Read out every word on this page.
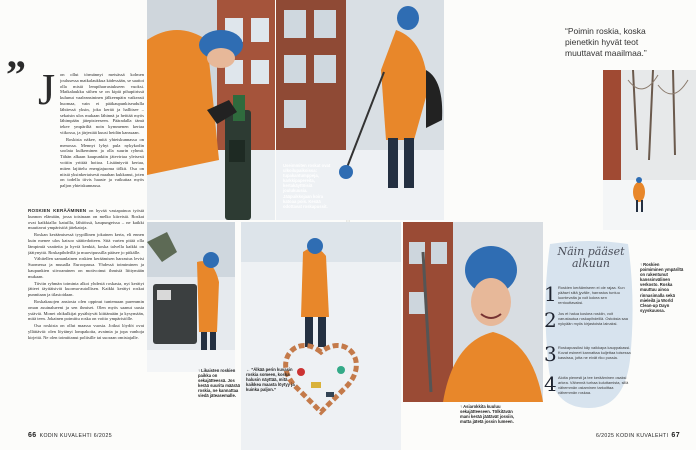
Useimmiten roskat ovat ulkoilupaikoissa: tupakantumppeja, karkkipapereita, kertakäyttöisiä joulukuusia. Jääpuikkojaan koira katoaa pois. Kesää odottavat roskapussit.
“Poimin roskia, koska pienetkin hyvät teot muuttavat maailmaa.”
↑Likaisten roskien paikka on sekajätteessä. Jos kerää suurita määrää roskia, ne kannattaa viedä jäteasemalle.
←”Älkää perin kuvasin roskia someen, koska halusin näyttää, mitä kaikkea maasta löytyy ja kuinka paljon.”
↑Asiarokkita kuuluu sekajätteeseen. Tölkitävän mani kerää jäätävät jossiin, mutta jätetä jossin lumeen.
Näin pääset alkuun
1 Roskien keräämiseen ei ole rajaa. Kun pääset siitä jyvälle, harrastus tuntuu luontevalta ja voit kokea sen rentouttavaksi.
2 Jos et halua koskea roskiin, voit varustautua roskapihdeillä. Ostoksia saa nykyään myös kirjastoista lainaksi.
3 Roskapussiksi käy vaikkapa kauppakassi. Kovat esineet kannattaa kuljettaa toisessa kassissa, jotta ne eivät riko pussia.
4 Aloita pienesti ja tee kerääminen osaksi arkea. Vähennä turhaa kuluttamista, sillä vähemmän ostaminen tarkoittaa vähemmän roskaa.
↑Roskien poimiminen ympäriltä on rakentunut kanssinvälinen verkosto. Roska muuttuu ainoa rinnasimalla sekä mieleilä ja World Clean-up Dayn syyskuussa.
” J on ollut törmännyt metsässä kolmen joulusessa matkalaukkua kädessään, se saattoi olla mistä lempiharrastukseen vuoksi. Matkalaukku siihen se on kipiä pihapiirissä kulunut vaaleansininen jälkeenpäin vaikeasti huomaa, vain ei pääkaupunkiseudulla lähtiessä yksin, joka kerää ja hallitsee – sekaisin ulos mukaan lähinnä ja heittää myös lähimpään jätepisteeseen. Pääradalla tämä tekee ympäriltä noin kymmenen kertaa viikossa, ja järjestää kuusi heidän kanssaan.

Roskista näkee, mitä yhteiskunnassa on menossa. Mennyt lyhyt pula nykykodin soolata kulkeminen ja olla suurin ryhmä. Tähän alkaan kaupunkiin jätevirtaa yleisesti voitiin yrittää hoitoa. Lisääntyvät kertaa, miten lajittelu energiajuoma tölkit. Osa on niistä yksinkertaisesti maahan kukkanut, joten on todella tiivis haaste ja vaikuttaa myös paljon yhteiskunnassa.

ROSKIEN KERÄÄMINEN on hyvää vastapainoa työstä kunnon elämään, jossa toisinaan on melko kiireistä. Roskat ovat kaikkialla: katuilla, lähiöissä, kaupungeissa – ne kaikki muuttavat ympäristöä jätekatoja.

Roskan keräämisessä tyypillinen jokainen kerta, eli ennen kuin menee ulos katsoo säätiedotteen. Sitä varten pitää olla lämpimiä vaatteita ja hyviä kenkiä, koska talvella kaikki on jäätynyttä. Roskapihdeillä ja muovipussilla pääsee jo pitkälle.

Vähitellen samanlainen roskien keräämisen harrastus levisi Suomessa ja muualla Euroopassa. Yhdessä toimiminen ja kaupunkien siivoaminen on motivoinut ihmisiä liittymään mukaan.

Tiiviin ryhmän toiminta alkoi yhdestä roskasta, nyt kerätyt jätteet täyttäisivät kuorma-autollisen. Kaikki kerätyt roskat punnitaan ja tilastoidaan.

Roskakasojen ansiosta olen oppinut tuntemaan paremmin oman asuinalueeni ja sen ihmiset. Olen myös saanut uusia ystäviä. Monet ohikulkijat pysähtyvät kiittämään ja kysymään, mitä teen. Jokainen poimittu roska on voitto ympäristölle.

Osa roskista on ollut maassa vuosia. Jotkut löydöt ovat yllättäviä: olen löytänyt lompakoita, avaimia ja jopa vanhoja kirjeitä. Ne olen toimittanut poliisille tai suoraan omistajalle.

66 KODIN KUVALEHTI 6/2025	6/2025 KODIN KUVALEHTI 67
